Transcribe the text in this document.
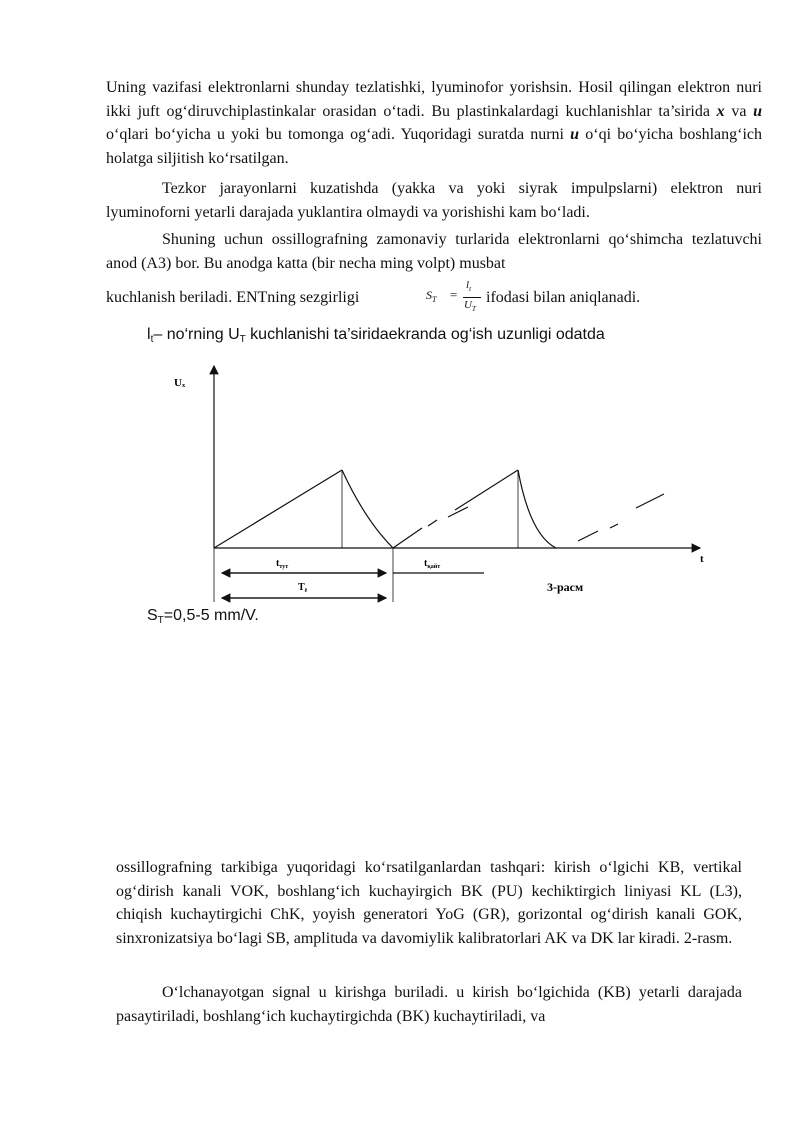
Uning vazifasi elektronlarni shunday tezlatishki, lyuminofor yorishsin. Hosil qilingan elektron nuri ikki juft og‘diruvchiplastinkalar orasidan o‘tadi. Bu plastinkalardagi kuchlanishlar ta’sirida x va u o‘qlari bo‘yicha u yoki bu tomonga og‘adi. Yuqoridagi suratda nurni u o‘qi bo‘yicha boshlang‘ich holatga siljitish ko‘rsatilgan.
Tezkor jarayonlarni kuzatishda (yakka va yoki siyrak impulpslarni) elektron nuri lyuminoforni yetarli darajada yuklantira olmaydi va yorishishi kam bo‘ladi.
Shuning uchun ossillografning zamonaviy turlarida elektronlarni qo‘shimcha tezlatuvchi anod (A3) bor. Bu anodga katta (bir necha ming volpt) musbat
kuchlanish beriladi. ENTning sezgirligi	$S_T$ =
$l_t$
$U_T$
ifodasi bilan aniqlanadi.
$l_t-$ no‘rning $U_T$ kuchlanishi ta’siridaekranda og‘ish uzunligi odatda
Uₓ
t
$t_{тут}$	$t_{қайт}$
$T_ё$	3-расм
$S_T=0,5-5$ mm/V.
ossillografning tarkibiga yuqoridagi ko‘rsatilganlardan tashqari: kirish o‘lgichi KB, vertikal og‘dirish kanali VOK, boshlang‘ich kuchayirgich BK (PU) kechiktirgich liniyasi KL (L3), chiqish kuchaytirgichi ChK, yoyish generatori YoG (GR), gorizontal og‘dirish kanali GOK, sinxronizatsiya bo‘lagi SB, amplituda va davomiylik kalibratorlari AK va DK lar kiradi. 2-rasm.
O‘lchanayotgan signal u kirishga buriladi. u kirish bo‘lgichida (KB) yetarli darajada pasaytiriladi, boshlang‘ich kuchaytirgichda (BK) kuchaytiriladi, va
